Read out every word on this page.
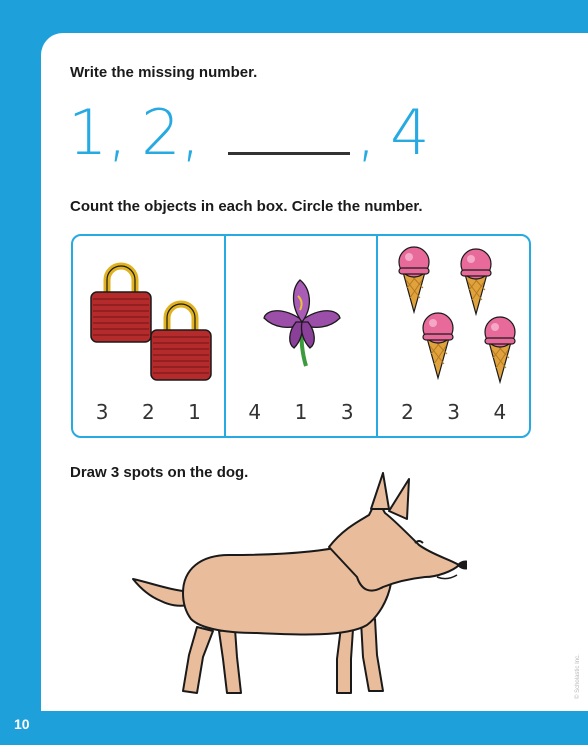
Write the missing number.

1 , 2 ,	, 4

Count the objects in each box. Circle the number.

3	2	1	4	1	3	2	3	4

Draw 3 spots on the dog.

© Scholastic Inc.
10
